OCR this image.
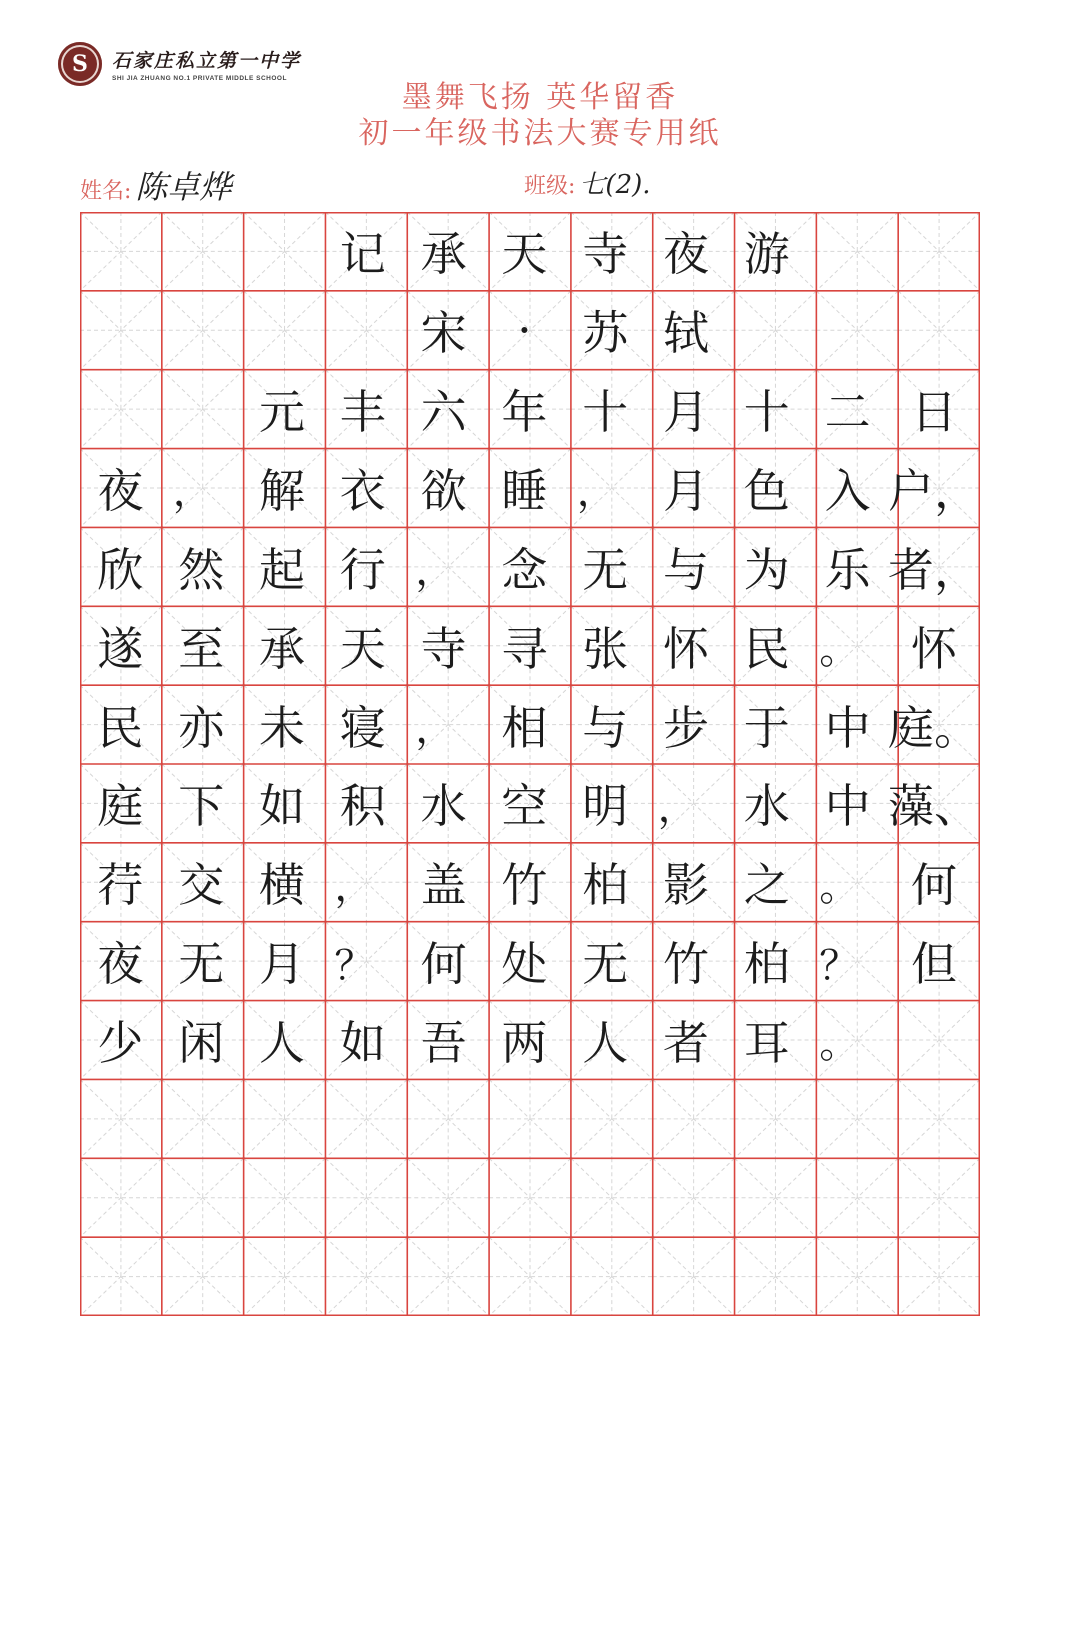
S	石家庄私立第一中学
SHI JIA ZHUANG NO.1 PRIVATE MIDDLE SCHOOL
墨舞飞扬 英华留香
初一年级书法大赛专用纸
姓名: 陈卓烨	班级: 七(2).
记 承 天 寺 夜 游
宋	·	苏 轼
元 丰 六 年 十 月 十 二 日
夜 ，	解 衣 欲 睡 ，	月 色 入 户，
欣 然 起 行 ，	念 无 与 为 乐 者，
遂 至 承 天 寺 寻 张 怀 民 。	怀
民 亦 未 寝 ，	相 与 步 于 中 庭。
庭 下 如 积 水 空 明 ，	水 中 藻、
荇 交 横 ，	盖 竹 柏 影 之 。	何
夜 无 月 ？	何 处 无 竹 柏 ？	但
少 闲 人 如 吾 两 人 者 耳 。
